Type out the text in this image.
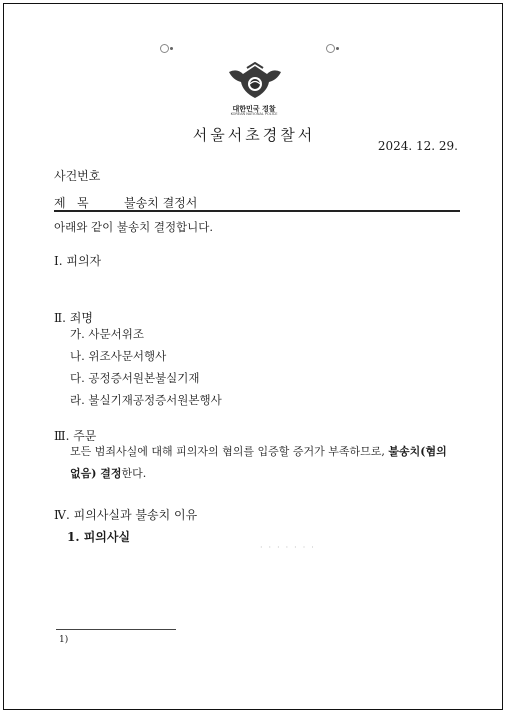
대한민국 경찰
KOREAN NATIONAL POLICE
서울서초경찰서
2024. 12. 29.
사건번호
제   목	불송치 결정서
아래와 같이 불송치 결정합니다.
Ⅰ. 피의자
Ⅱ. 죄명
가. 사문서위조
나. 위조사문서행사
다. 공정증서원본불실기재
라. 불실기재공정증서원본행사
Ⅲ. 주문
모든 범죄사실에 대해 피의자의 혐의를 입증할 증거가 부족하므로, 불송치(혐의
없음) 결정한다.
Ⅳ. 피의사실과 불송치 이유
1. 피의사실
·······
1)
